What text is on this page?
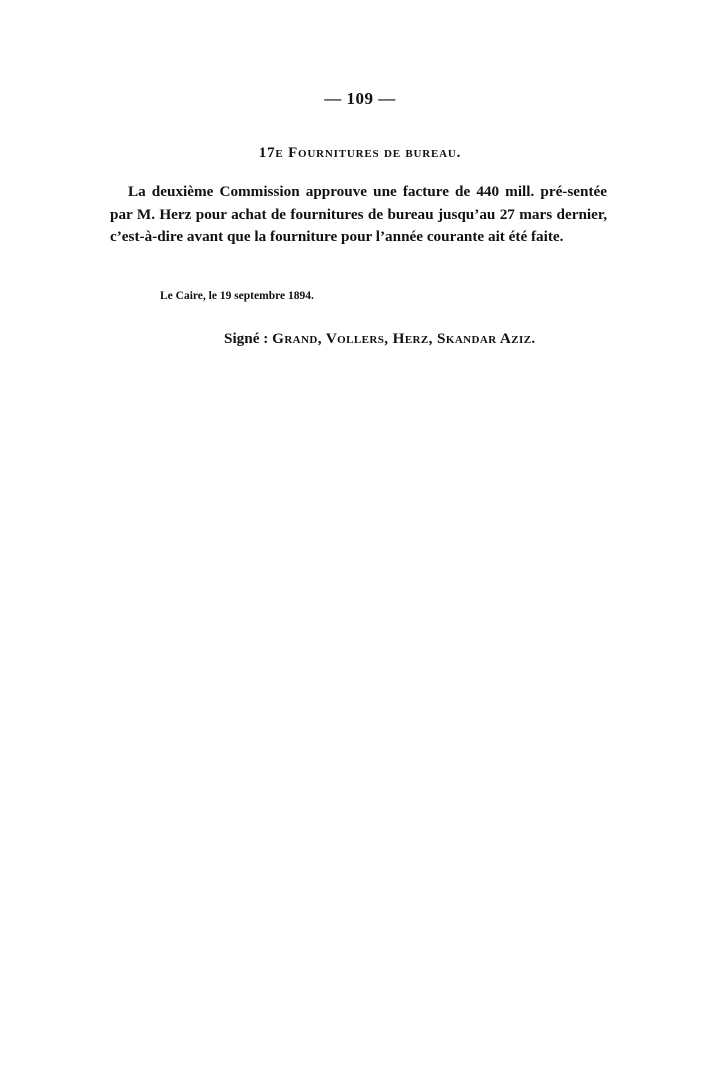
— 109 —
17e Fournitures de bureau.

La deuxième Commission approuve une facture de 440 mill. pré-sentée par M. Herz pour achat de fournitures de bureau jusqu’au 27 mars dernier, c’est-à-dire avant que la fourniture pour l’année courante ait été faite.

Le Caire, le 19 septembre 1894.
Signé : Grand, Vollers, Herz, Skandar Aziz.
